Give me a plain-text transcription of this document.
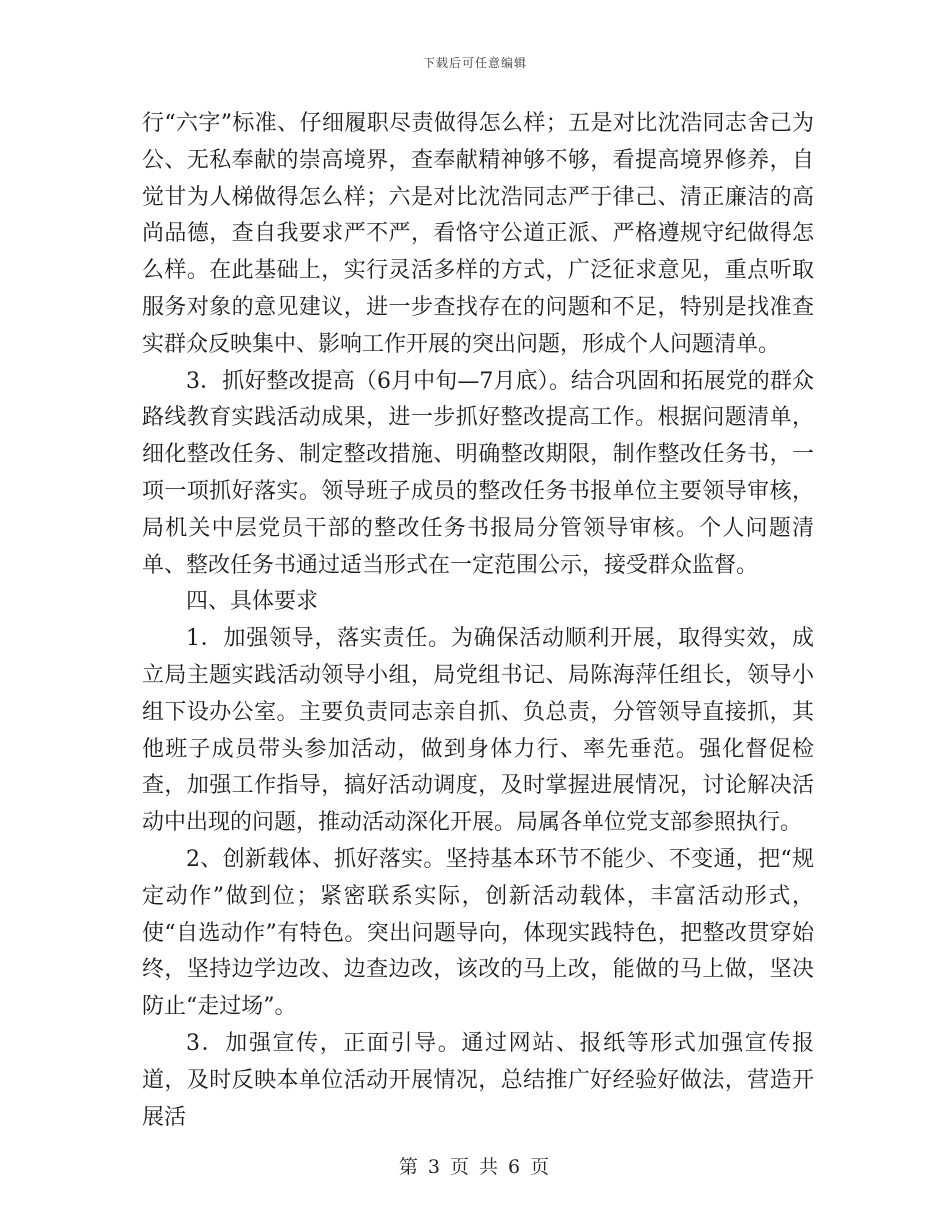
下载后可任意编辑

行“六字”标准、仔细履职尽责做得怎么样；五是对比沈浩同志舍己为公、无私奉献的崇高境界，查奉献精神够不够，看提高境界修养，自觉甘为人梯做得怎么样；六是对比沈浩同志严于律己、清正廉洁的高尚品德，查自我要求严不严，看恪守公道正派、严格遵规守纪做得怎么样。在此基础上，实行灵活多样的方式，广泛征求意见，重点听取服务对象的意见建议，进一步查找存在的问题和不足，特别是找准查实群众反映集中、影响工作开展的突出问题，形成个人问题清单。

3．抓好整改提高（6月中旬—7月底）。结合巩固和拓展党的群众路线教育实践活动成果，进一步抓好整改提高工作。根据问题清单，细化整改任务、制定整改措施、明确整改期限，制作整改任务书，一项一项抓好落实。领导班子成员的整改任务书报单位主要领导审核，局机关中层党员干部的整改任务书报局分管领导审核。个人问题清单、整改任务书通过适当形式在一定范围公示，接受群众监督。

四、具体要求

1．加强领导，落实责任。为确保活动顺利开展，取得实效，成立局主题实践活动领导小组，局党组书记、局陈海萍任组长，领导小组下设办公室。主要负责同志亲自抓、负总责，分管领导直接抓，其他班子成员带头参加活动，做到身体力行、率先垂范。强化督促检查，加强工作指导，搞好活动调度，及时掌握进展情况，讨论解决活动中出现的问题，推动活动深化开展。局属各单位党支部参照执行。

2、创新载体、抓好落实。坚持基本环节不能少、不变通，把“规定动作”做到位；紧密联系实际，创新活动载体，丰富活动形式，使“自选动作”有特色。突出问题导向，体现实践特色，把整改贯穿始终，坚持边学边改、边查边改，该改的马上改，能做的马上做，坚决防止“走过场”。

3．加强宣传，正面引导。通过网站、报纸等形式加强宣传报道，及时反映本单位活动开展情况，总结推广好经验好做法，营造开展活

第 3 页 共 6 页
